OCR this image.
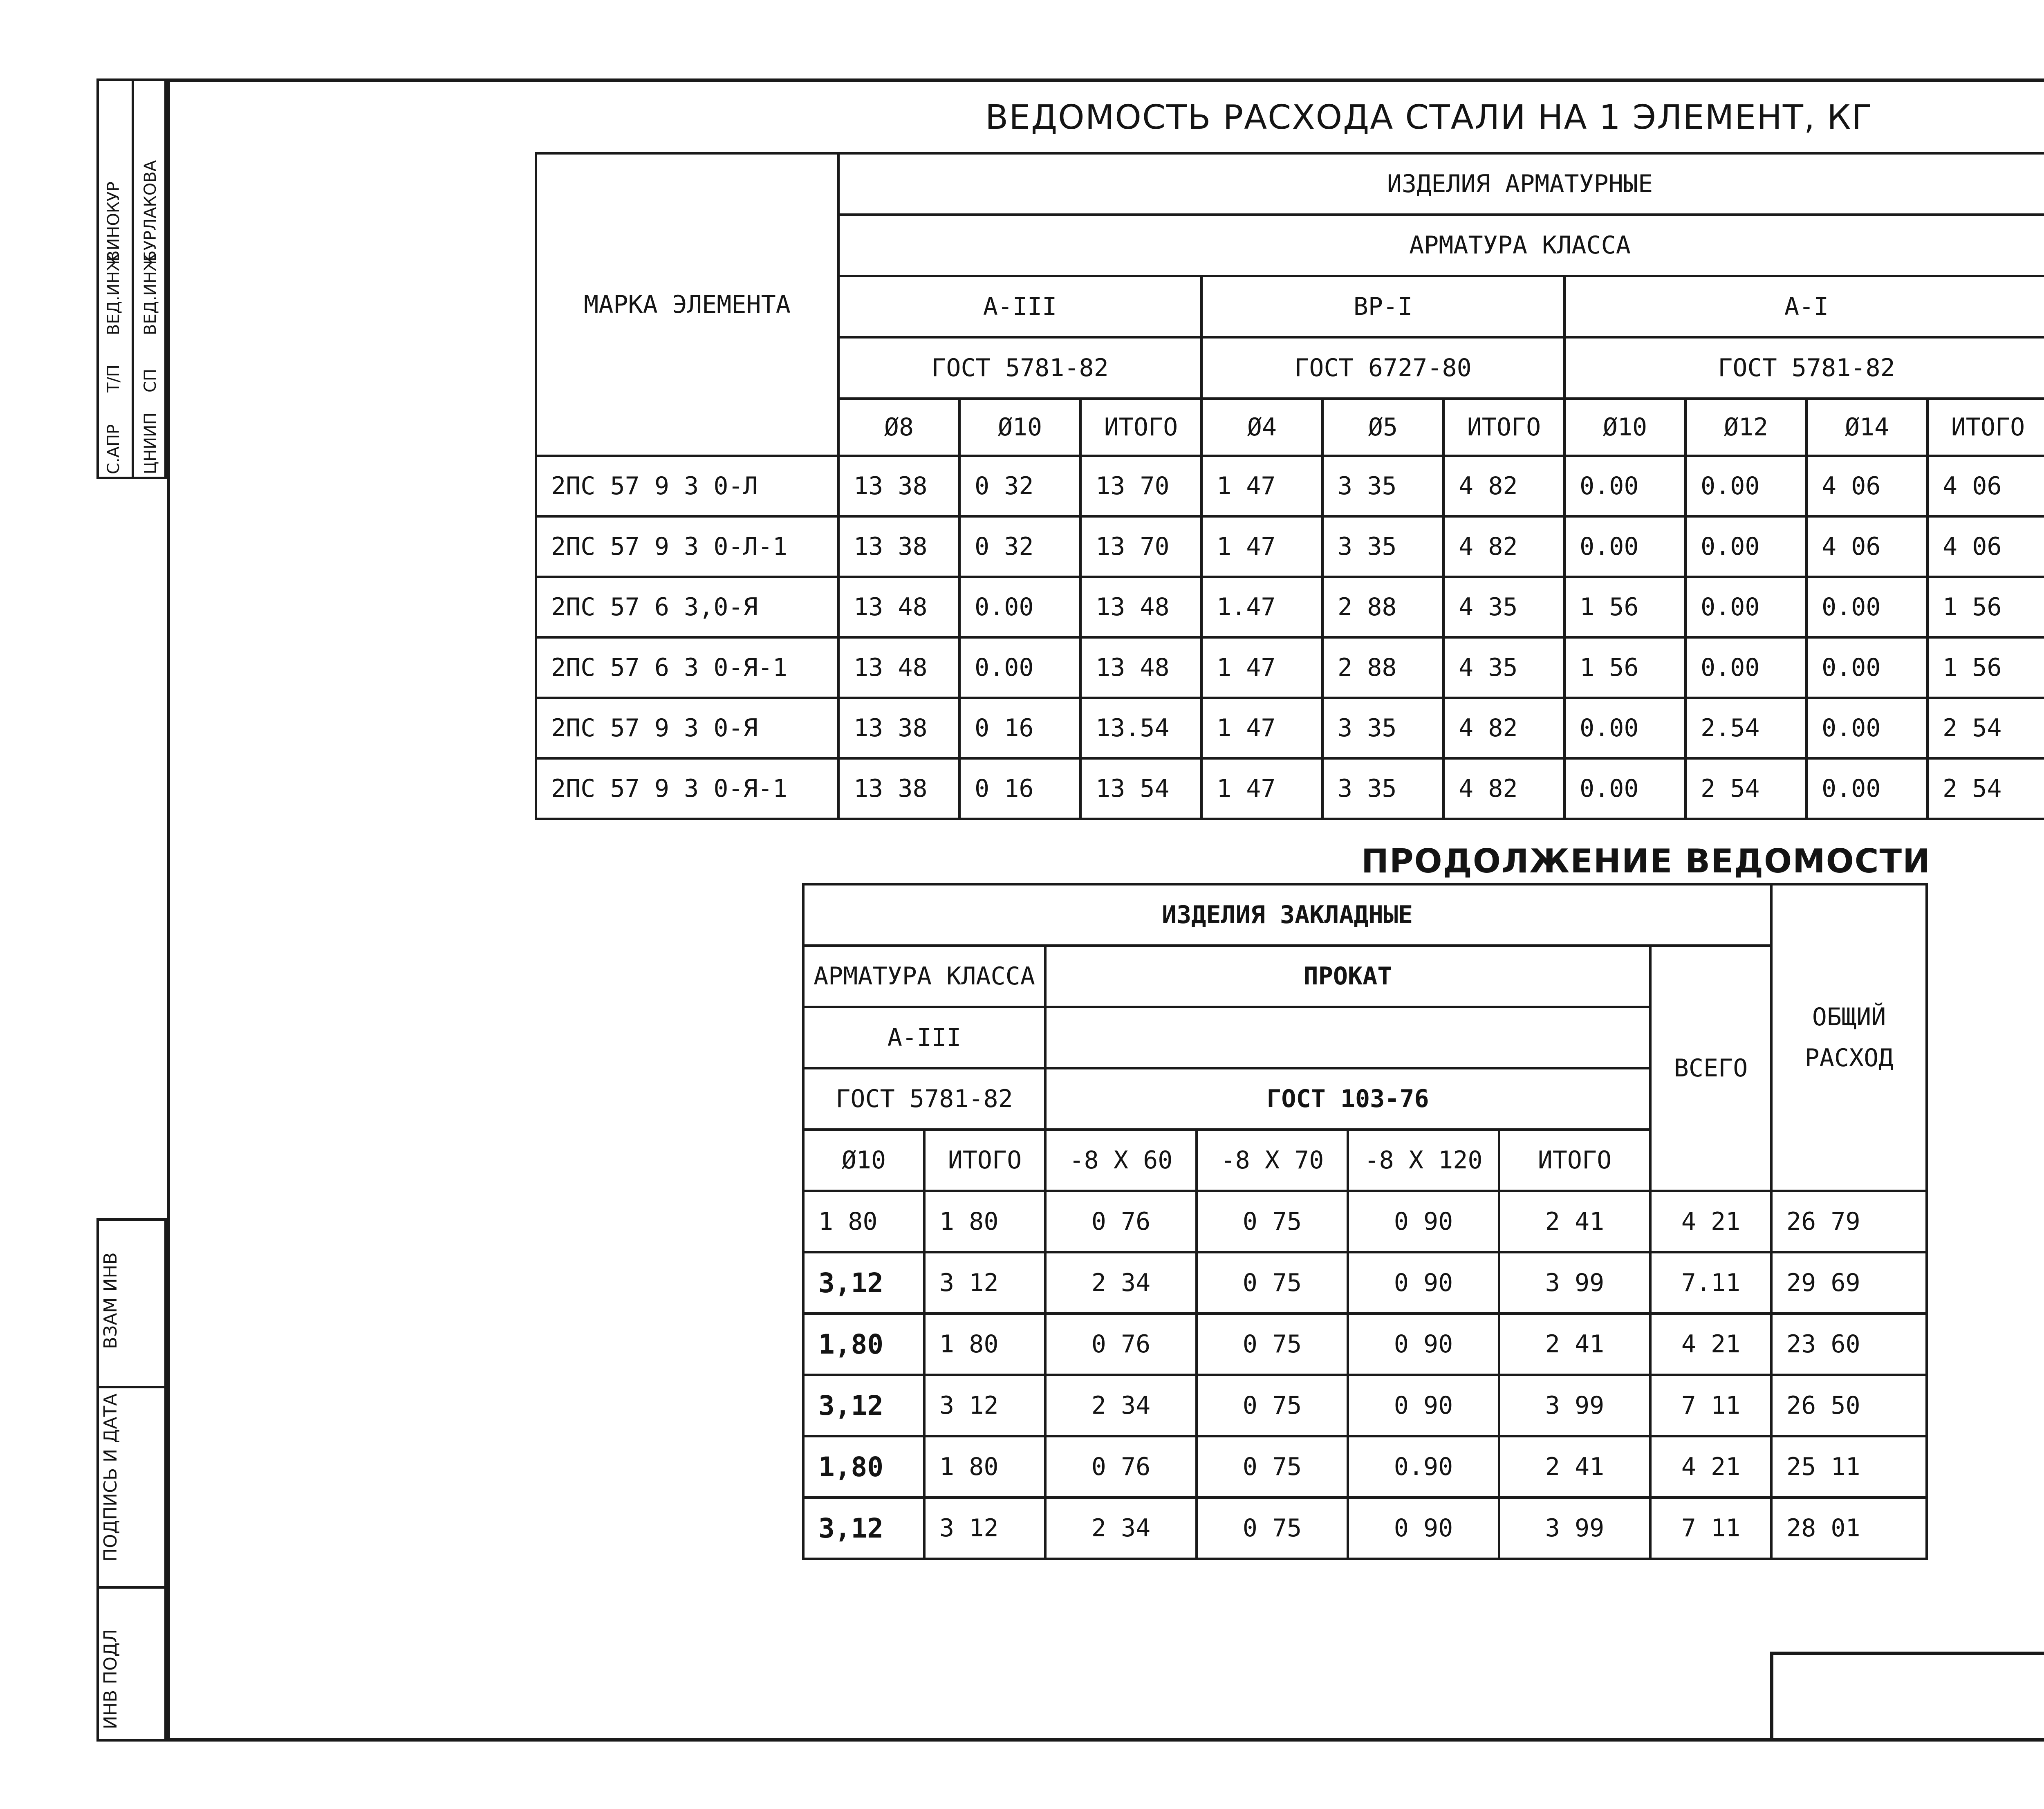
С.АПР
Т/П
ВЕД.ИНЖ
ВИНОКУР
ЦНИИП
СП
ВЕД.ИНЖ
БУРЛАКОВА
ВЗАМ ИНВ
ПОДПИСЬ И ДАТА
ИНВ ПОДЛ
ВЕДОМОСТЬ РАСХОДА СТАЛИ НА 1 ЭЛЕМЕНТ, КГ
МАРКА ЭЛЕМЕНТА	ИЗДЕЛИЯ АРМАТУРНЫЕ										
	АРМАТУРА КЛАССА										
	А-III			ВР-I			А-I	
	ГОСТ 5781-82			ГОСТ 6727-80			ГОСТ 5781-82				
	Ø8	Ø10	ИТОГО	Ø4	Ø5	ИТОГО	Ø10	Ø12	Ø14	ИТОГО	
2ПС 57 9 3 0-Л	13 38	0 32	13 70	1 47	3 35	4 82	0.00	0.00	4 06	4 06	
2ПС 57 9 3 0-Л-1	13 38	0 32	13 70	1 47	3 35	4 82	0.00	0.00	4 06	4 06	
2ПС 57 6 3,0-Я	13 48	0.00	13 48	1.47	2 88	4 35	1 56	0.00	0.00	1 56	
2ПС 57 6 3 0-Я-1	13 48	0.00	13 48	1 47	2 88	4 35	1 56	0.00	0.00	1 56	
2ПС 57 9 3 0-Я	13 38	0 16	13.54	1 47	3 35	4 82	0.00	2.54	0.00	2 54	
2ПС 57 9 3 0-Я-1	13 38	0 16	13 54	1 47	3 35	4 82	0.00	2 54	0.00	2 54	
ПРОДОЛЖЕНИЕ ВЕДОМОСТИ
ИЗДЕЛИЯ ЗАКЛАДНЫЕ							ОБЩИЙ РАСХОД
АРМАТУРА КЛАССА		ПРОКАТ				ВСЕГО	
А-III							
ГОСТ 5781-82		ГОСТ 103-76					
Ø10	ИТОГО	-8 X 60	-8 X 70	-8 X 120	ИТОГО		
1 80	1 80	0 76	0 75	0 90	2 41	4 21	26 79
3,12	3 12	2 34	0 75	0 90	3 99	7.11	29 69
1,80	1 80	0 76	0 75	0 90	2 41	4 21	23 60
3,12	3 12	2 34	0 75	0 90	3 99	7 11	26 50
1,80	1 80	0 76	0 75	0.90	2 41	4 21	25 11
3,12	3 12	2 34	0 75	0 90	3 99	7 11	28 01
